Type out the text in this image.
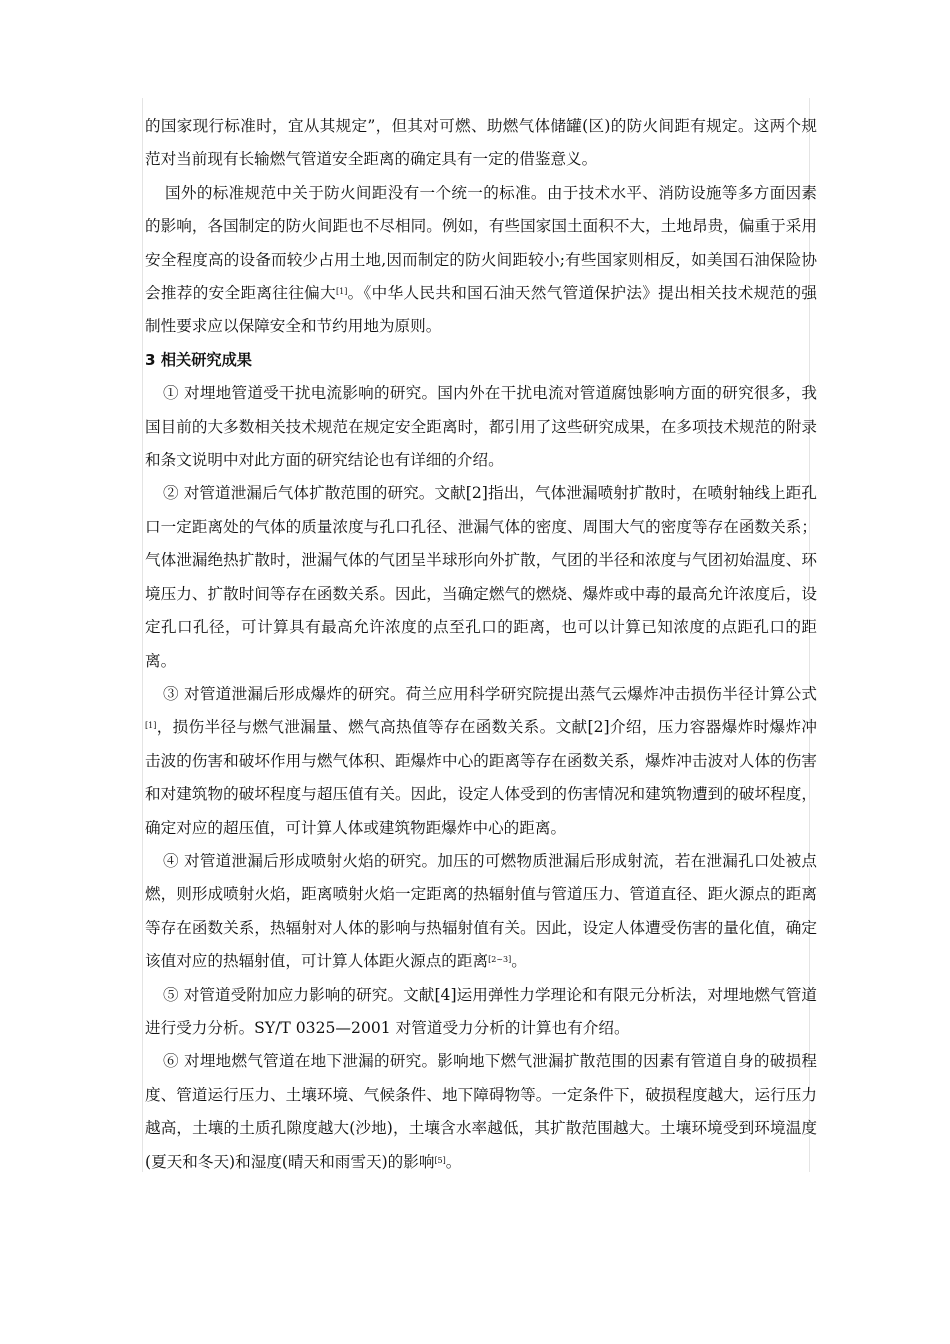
的国家现行标准时，宜从其规定”，但其对可燃、助燃气体储罐(区)的防火间距有规定。这两个规范对当前现有长输燃气管道安全距离的确定具有一定的借鉴意义。

国外的标准规范中关于防火间距没有一个统一的标准。由于技术水平、消防设施等多方面因素的影响，各国制定的防火间距也不尽相同。例如，有些国家国土面积不大，土地昂贵，偏重于采用安全程度高的设备而较少占用土地,因而制定的防火间距较小;有些国家则相反，如美国石油保险协会推荐的安全距离往往偏大[1]。《中华人民共和国石油天然气管道保护法》提出相关技术规范的强制性要求应以保障安全和节约用地为原则。

3 相关研究成果

① 对埋地管道受干扰电流影响的研究。国内外在干扰电流对管道腐蚀影响方面的研究很多，我国目前的大多数相关技术规范在规定安全距离时，都引用了这些研究成果，在多项技术规范的附录和条文说明中对此方面的研究结论也有详细的介绍。

② 对管道泄漏后气体扩散范围的研究。文献[2]指出，气体泄漏喷射扩散时，在喷射轴线上距孔口一定距离处的气体的质量浓度与孔口孔径、泄漏气体的密度、周围大气的密度等存在函数关系；气体泄漏绝热扩散时，泄漏气体的气团呈半球形向外扩散，气团的半径和浓度与气团初始温度、环境压力、扩散时间等存在函数关系。因此，当确定燃气的燃烧、爆炸或中毒的最高允许浓度后，设定孔口孔径，可计算具有最高允许浓度的点至孔口的距离，也可以计算已知浓度的点距孔口的距离。

③ 对管道泄漏后形成爆炸的研究。荷兰应用科学研究院提出蒸气云爆炸冲击损伤半径计算公式[1]，损伤半径与燃气泄漏量、燃气高热值等存在函数关系。文献[2]介绍，压力容器爆炸时爆炸冲击波的伤害和破坏作用与燃气体积、距爆炸中心的距离等存在函数关系，爆炸冲击波对人体的伤害和对建筑物的破坏程度与超压值有关。因此，设定人体受到的伤害情况和建筑物遭到的破坏程度，确定对应的超压值，可计算人体或建筑物距爆炸中心的距离。

④ 对管道泄漏后形成喷射火焰的研究。加压的可燃物质泄漏后形成射流，若在泄漏孔口处被点燃，则形成喷射火焰，距离喷射火焰一定距离的热辐射值与管道压力、管道直径、距火源点的距离等存在函数关系，热辐射对人体的影响与热辐射值有关。因此，设定人体遭受伤害的量化值，确定该值对应的热辐射值，可计算人体距火源点的距离[2~3]。

⑤ 对管道受附加应力影响的研究。文献[4]运用弹性力学理论和有限元分析法，对埋地燃气管道进行受力分析。SY/T 0325—2001 对管道受力分析的计算也有介绍。

⑥ 对埋地燃气管道在地下泄漏的研究。影响地下燃气泄漏扩散范围的因素有管道自身的破损程度、管道运行压力、土壤环境、气候条件、地下障碍物等。一定条件下，破损程度越大，运行压力越高，土壤的土质孔隙度越大(沙地)，土壤含水率越低，其扩散范围越大。土壤环境受到环境温度(夏天和冬天)和湿度(晴天和雨雪天)的影响[5]。
